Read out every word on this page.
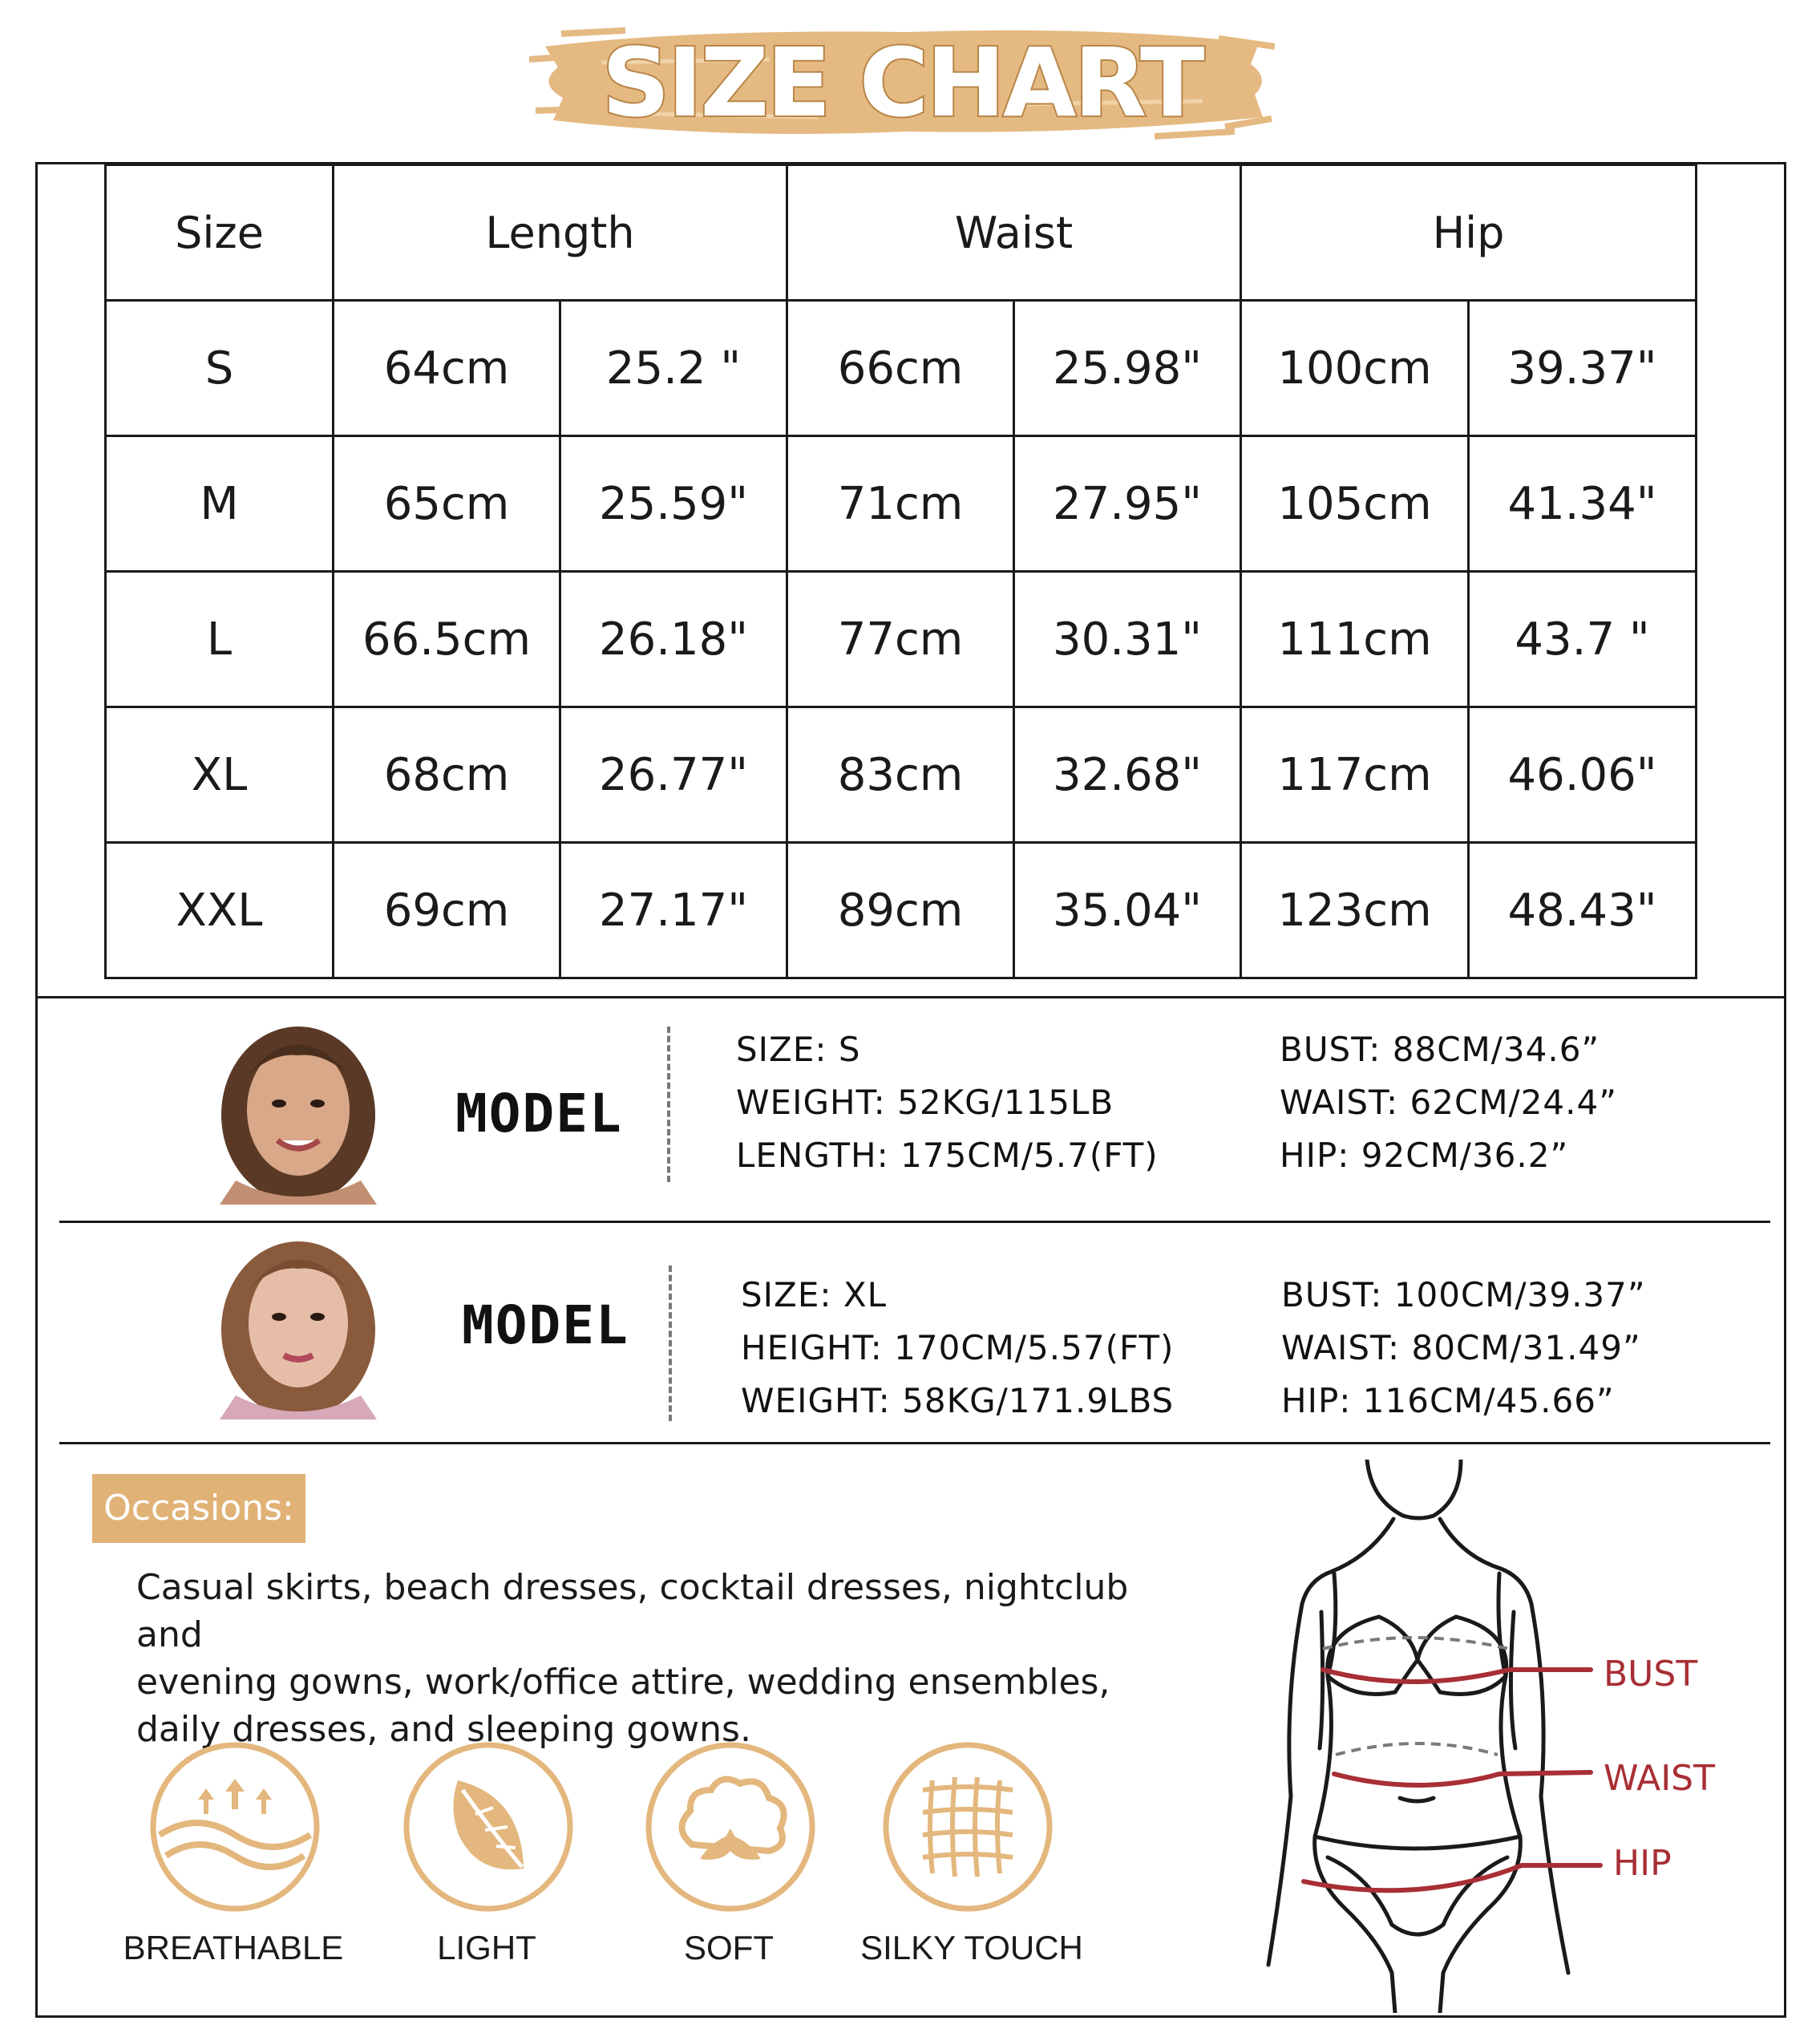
SIZE CHART
Size	Length		Waist		Hip	
S	64cm	25.2 "	66cm	25.98"	100cm	39.37"
M	65cm	25.59"	71cm	27.95"	105cm	41.34"
L	66.5cm	26.18"	77cm	30.31"	111cm	43.7 "
XL	68cm	26.77"	83cm	32.68"	117cm	46.06"
XXL	69cm	27.17"	89cm	35.04"	123cm	48.43"
MODEL
SIZE: S
WEIGHT: 52KG/115LB
LENGTH: 175CM/5.7(FT)
BUST: 88CM/34.6”
WAIST: 62CM/24.4”
HIP: 92CM/36.2”
MODEL	SIZE: XL
HEIGHT: 170CM/5.57(FT)
WEIGHT: 58KG/171.9LBS
BUST: 100CM/39.37”
WAIST: 80CM/31.49”
HIP: 116CM/45.66”
Occasions:
Casual skirts, beach dresses, cocktail dresses, nightclub and
evening gowns, work/office attire, wedding ensembles,
daily dresses, and sleeping gowns.
BREATHABLE	LIGHT	SOFT	SILKY TOUCH
BUST
WAIST
HIP
